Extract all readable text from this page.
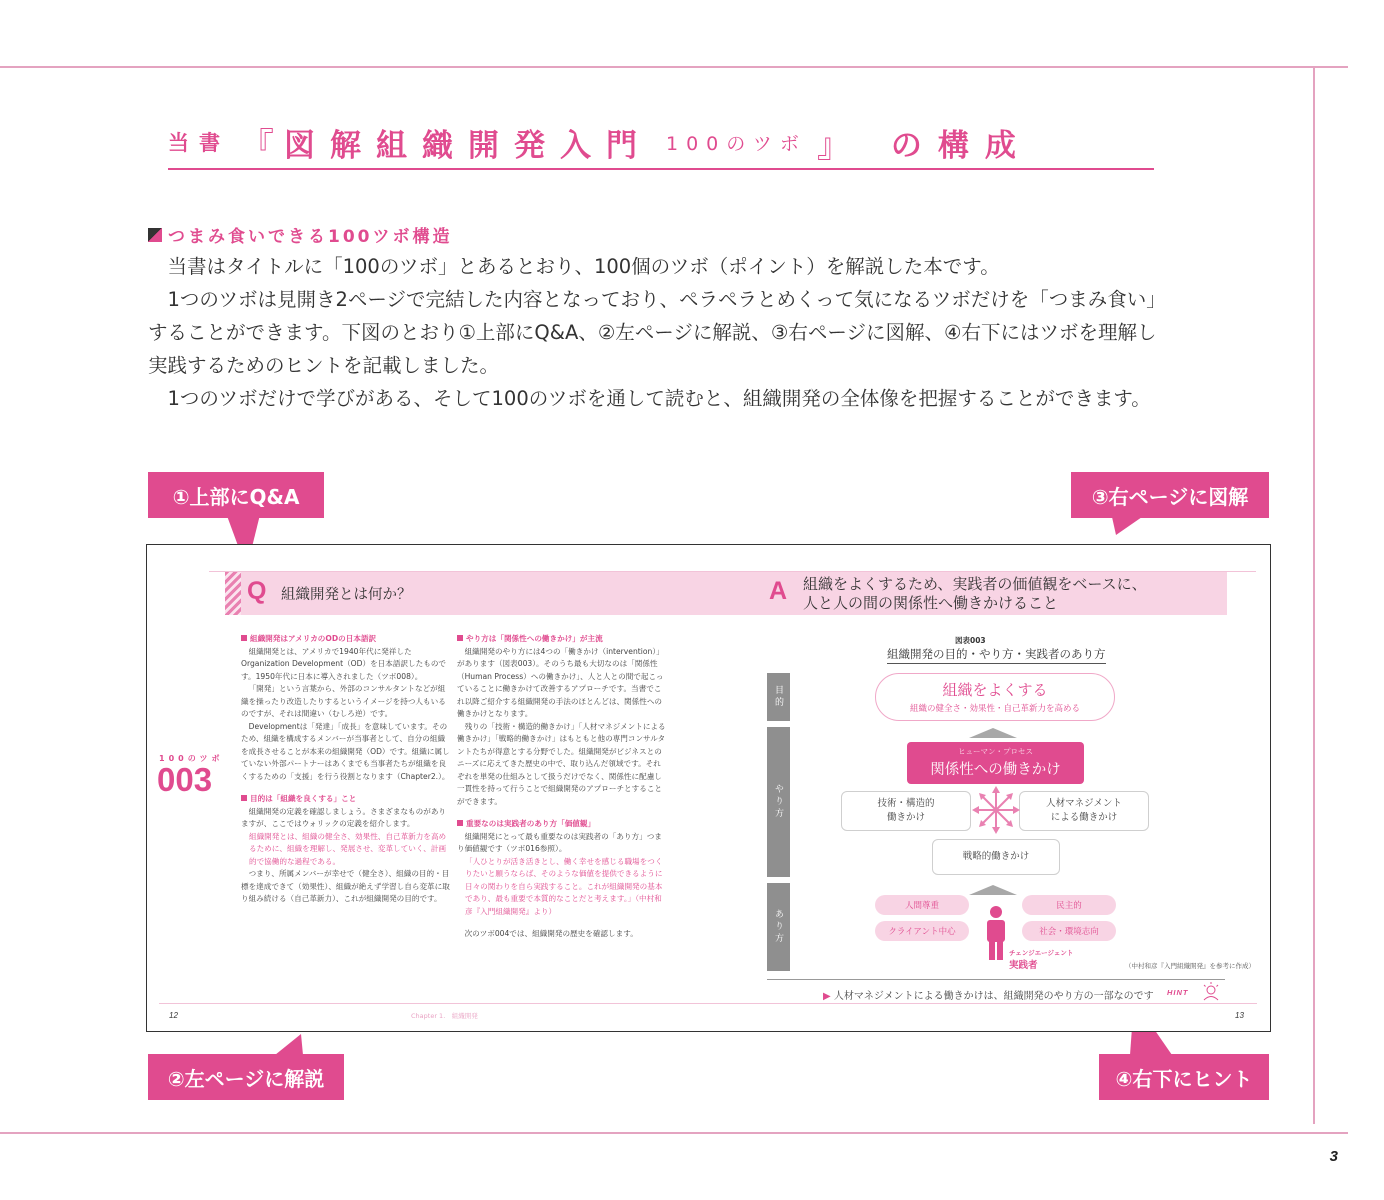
当書 『 図解組織開発入門 100のツボ 』 の構成
つまみ食いできる100ツボ構造

当書はタイトルに「100のツボ」とあるとおり、100個のツボ（ポイント）を解説した本です。

1つのツボは見開き2ページで完結した内容となっており、ペラペラとめくって気になるツボだけを「つまみ食い」することができます。下図のとおり①上部にQ&A、②左ページに解説、③右ページに図解、④右下にはツボを理解し実践するためのヒントを記載しました。

1つのツボだけで学びがある、そして100のツボを通して読むと、組織開発の全体像を把握することができます。

①上部にQ&A
②左ページに解説
③右ページに図解
④右下にヒント
Q 組織開発とは何か？	A 組織をよくするため、実践者の価値観をベースに、
人と人の間の関係性へ働きかけること
100のツボ
003
組織開発はアメリカのODの日本語訳
組織開発とは、アメリカで1940年代に発祥したOrganization Development（OD）を日本語訳したものです。1950年代に日本に導入されました（ツボ008）。
「開発」という言葉から、外部のコンサルタントなどが組織を操ったり改造したりするというイメージを持つ人もいるのですが、それは間違い（むしろ逆）です。
Developmentは「発達」「成長」を意味しています。そのため、組織を構成するメンバーが当事者として、自分の組織を成長させることが本来の組織開発（OD）です。組織に属していない外部パートナーはあくまでも当事者たちが組織を良くするための「支援」を行う役割となります（Chapter2.）。
目的は「組織を良くする」こと
組織開発の定義を確認しましょう。さまざまなものがありますが、ここではウォリックの定義を紹介します。
組織開発とは、組織の健全さ、効果性、自己革新力を高めるために、組織を理解し、発展させ、変革していく、計画的で協働的な過程である。
つまり、所属メンバーが幸せで（健全さ）、組織の目的・目標を達成できて（効果性）、組織が絶えず学習し自ら変革に取り組み続ける（自己革新力）、これが組織開発の目的です。
やり方は「関係性への働きかけ」が主流
組織開発のやり方には4つの「働きかけ（intervention）」があります（図表003）。そのうち最も大切なのは「関係性（Human Process）への働きかけ」、人と人との間で起こっていることに働きかけて改善するアプローチです。当書でこれ以降ご紹介する組織開発の手法のほとんどは、関係性への働きかけとなります。
残りの「技術・構造的働きかけ」「人材マネジメントによる働きかけ」「戦略的働きかけ」はもともと他の専門コンサルタントたちが得意とする分野でした。組織開発がビジネスとのニーズに応えてきた歴史の中で、取り込んだ領域です。それぞれを単発の仕組みとして扱うだけでなく、関係性に配慮し一貫性を持って行うことで組織開発のアプローチとすることができます。
重要なのは実践者のあり方「価値観」
組織開発にとって最も重要なのは実践者の「あり方」つまり価値観です（ツボ016参照）。
「人ひとりが活き活きとし、働く幸せを感じる職場をつくりたいと願うならば、そのような価値を提供できるように日々の関わりを自ら実践すること。これが組織開発の基本であり、最も重要で本質的なことだと考えます。」（中村和彦『入門組織開発』より）
次のツボ004では、組織開発の歴史を確認します。
図表003
組織開発の目的・やり方・実践者のあり方
目的
やり方
あり方
組織をよくする
組織の健全さ・効果性・自己革新力を高める
ヒューマン・プロセス
関係性への働きかけ
技術・構造的
働きかけ
人材マネジメント
による働きかけ
戦略的働きかけ
人間尊重	民主的
クライアント中心	社会・環境志向
チェンジエージェント
実践者	（中村和彦『入門組織開発』を参考に作成）
▶ 人材マネジメントによる働きかけは、組織開発のやり方の一部なのです HINT
12	Chapter 1.　組織開発	13
3
